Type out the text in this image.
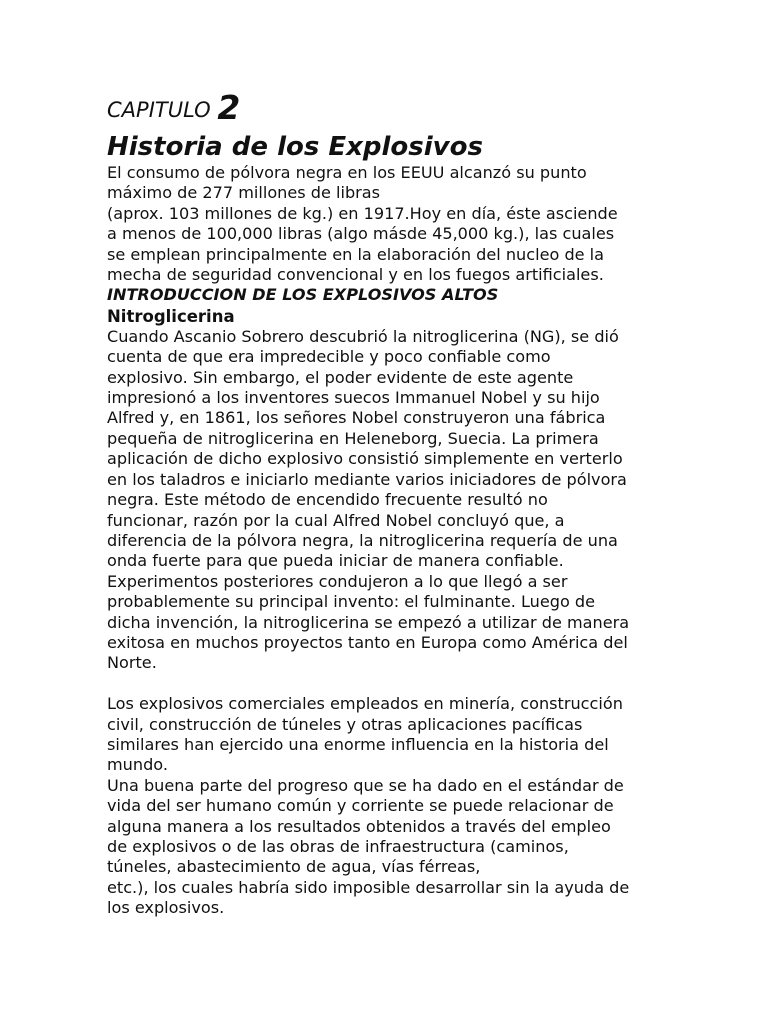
CAPITULO 2
Historia de los Explosivos
El consumo de pólvora negra en los EEUU alcanzó su punto
máximo de 277 millones de libras
(aprox. 103 millones de kg.) en 1917.Hoy en día, éste asciende
a menos de 100,000 libras (algo másde 45,000 kg.), las cuales
se emplean principalmente en la elaboración del nucleo de la
mecha de seguridad convencional y en los fuegos artificiales.
INTRODUCCION DE LOS EXPLOSIVOS ALTOS
Nitroglicerina
Cuando Ascanio Sobrero descubrió la nitroglicerina (NG), se dió
cuenta de que era impredecible y poco confiable como
explosivo. Sin embargo, el poder evidente de este agente
impresionó a los inventores suecos Immanuel Nobel y su hijo
Alfred y, en 1861, los señores Nobel construyeron una fábrica
pequeña de nitroglicerina en Heleneborg, Suecia. La primera
aplicación de dicho explosivo consistió simplemente en verterlo
en los taladros e iniciarlo mediante varios iniciadores de pólvora
negra. Este método de encendido frecuente resultó no
funcionar, razón por la cual Alfred Nobel concluyó que, a
diferencia de la pólvora negra, la nitroglicerina requería de una
onda fuerte para que pueda iniciar de manera confiable.
Experimentos posteriores condujeron a lo que llegó a ser
probablemente su principal invento: el fulminante. Luego de
dicha invención, la nitroglicerina se empezó a utilizar de manera
exitosa en muchos proyectos tanto en Europa como América del
Norte.
Los explosivos comerciales empleados en minería, construcción
civil, construcción de túneles y otras aplicaciones pacíficas
similares han ejercido una enorme influencia en la historia del
mundo.
Una buena parte del progreso que se ha dado en el estándar de
vida del ser humano común y corriente se puede relacionar de
alguna manera a los resultados obtenidos a través del empleo
de explosivos o de las obras de infraestructura (caminos,
túneles, abastecimiento de agua, vías férreas,
etc.), los cuales habría sido imposible desarrollar sin la ayuda de
los explosivos.
